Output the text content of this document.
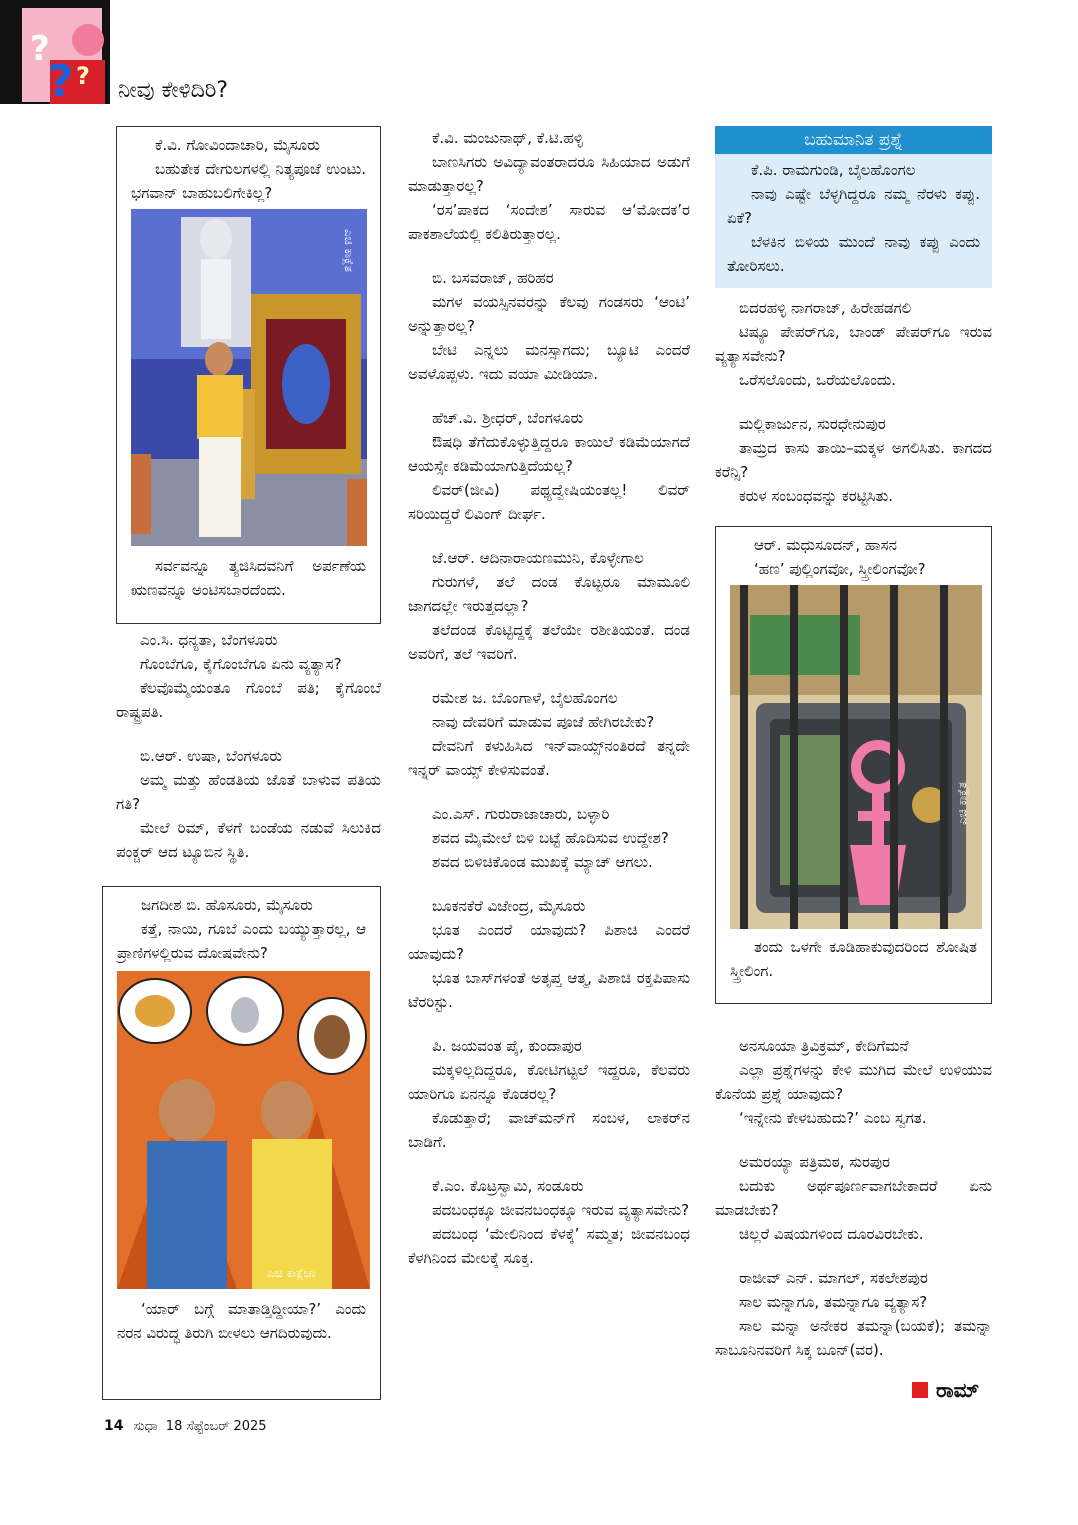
?
? ?
ನೀವು ಕೇಳಿದಿರಿ?

ಕೆ.ವಿ. ಗೋವಿಂದಾಚಾರಿ, ಮೈಸೂರು

ಬಹುತೇಕ ದೇಗುಲಗಳಲ್ಲಿ ನಿತ್ಯಪೂಜೆ ಉಂಟು. ಭಗವಾನ್ ಬಾಹುಬಲಿಗೇಕಿಲ್ಲ?

ಎಚಿ ಕಾಕ್ಲೆತ

ಸರ್ವವನ್ನೂ ತ್ಯಜಿಸಿದವನಿಗೆ ಅರ್ಪಣೆಯ ಋಣವನ್ನೂ ಅಂಟಿಸಬಾರದೆಂದು.

ಎಂ.ಸಿ. ಧನ್ಯತಾ, ಬೆಂಗಳೂರು

ಗೊಂಬೆಗೂ, ಕೈಗೊಂಬೆಗೂ ಏನು ವ್ಯತ್ಯಾಸ?

ಕೆಲವೊಮ್ಮೆಯಂತೂ ಗೊಂಬೆ ಪತಿ; ಕೈಗೊಂಬೆ ರಾಷ್ಟ್ರಪತಿ.

ಬಿ.ಆರ್. ಉಷಾ, ಬೆಂಗಳೂರು

ಅಮ್ಮ ಮತ್ತು ಹೆಂಡತಿಯ ಜೊತೆ ಬಾಳುವ ಪತಿಯ ಗತಿ?

ಮೇಲೆ ರಿಮ್, ಕೆಳಗೆ ಬಂಡೆಯ ನಡುವೆ ಸಿಲುಕಿದ ಪಂಕ್ಚರ್ ಆದ ಟ್ಯೂಬಿನ ಸ್ಥಿತಿ.

ಜಗದೀಶ ಬಿ. ಹೊಸೂರು, ಮೈಸೂರು

ಕತ್ತೆ, ನಾಯಿ, ಗೂಬೆ ಎಂದು ಬಯ್ಯುತ್ತಾರಲ್ಲ, ಆ ಪ್ರಾಣಿಗಳಲ್ಲಿರುವ ದೋಷವೇನು?

ಎಚಿ ಕಾಕ್ಲೆಚಾ

‘ಯಾರ್ ಬಗ್ಗೆ ಮಾತಾಡ್ತಿದ್ದೀಯಾ?’ ಎಂದು ನರನ ವಿರುದ್ಧ ತಿರುಗಿ ಬೀಳಲು ಆಗದಿರುವುದು.

ಕೆ.ವಿ. ಮಂಜುನಾಥ್, ಕೆ.ಟಿ.ಹಳ್ಳಿ

ಬಾಣಸಿಗರು ಅವಿದ್ಯಾವಂತರಾದರೂ ಸಿಹಿಯಾದ ಅಡುಗೆ ಮಾಡುತ್ತಾರಲ್ಲ?

‘ರಸ’ಪಾಕದ ‘ಸಂದೇಶ’ ಸಾರುವ ಆ‘ಮೋದಕ’ರ ಪಾಕಶಾಲೆಯಲ್ಲಿ ಕಲಿತಿರುತ್ತಾರಲ್ಲ.

ಬಿ. ಬಸವರಾಜ್, ಹರಿಹರ

ಮಗಳ ವಯಸ್ಸಿನವರನ್ನು ಕೆಲವು ಗಂಡಸರು ‘ಆಂಟಿ’ ಅನ್ನುತ್ತಾರಲ್ಲ?

ಬೇಟಿ ಎನ್ನಲು ಮನಸ್ಸಾಗದು; ಬ್ಯೂಟಿ ಎಂದರೆ ಅವಳೊಪ್ಪಳು. ಇದು ವಯಾ ಮೀಡಿಯಾ.

ಹೆಚ್.ವಿ. ಶ್ರೀಧರ್, ಬೆಂಗಳೂರು

ಔಷಧಿ ತೆಗೆದುಕೊಳ್ಳುತ್ತಿದ್ದರೂ ಕಾಯಿಲೆ ಕಡಿಮೆಯಾಗದೆ ಆಯಸ್ಸೇ ಕಡಿಮೆಯಾಗುತ್ತಿದೆಯಲ್ಲ?

ಲಿವರ್(ಜೀವಿ) ಪಥ್ಯದ್ವೇಷಿಯಂತಲ್ಲ! ಲಿವರ್ ಸರಿಯಿದ್ದರೆ ಲಿವಿಂಗ್ ದೀರ್ಘ.

ಜೆ.ಆರ್. ಆದಿನಾರಾಯಣಮುನಿ, ಕೊಳ್ಳೇಗಾಲ

ಗುರುಗಳೆ, ತಲೆ ದಂಡ ಕೊಟ್ಟರೂ ಮಾಮೂಲಿ ಜಾಗದಲ್ಲೇ ಇರುತ್ತದಲ್ಲಾ?

ತಲೆದಂಡ ಕೊಟ್ಟಿದ್ದಕ್ಕೆ ತಲೆಯೇ ರಶೀತಿಯಂತೆ. ದಂಡ ಅವರಿಗೆ, ತಲೆ ಇವರಿಗೆ.

ರಮೇಶ ಜ. ಬೊಂಗಾಳೆ, ಬೈಲಹೊಂಗಲ

ನಾವು ದೇವರಿಗೆ ಮಾಡುವ ಪೂಜೆ ಹೇಗಿರಬೇಕು?

ದೇವನಿಗೆ ಕಳುಹಿಸಿದ ಇನ್‌ವಾಯ್ಸ್‌ನಂತಿರದೆ ತನ್ನದೇ ಇನ್ನರ್ ವಾಯ್ಸ್ ಕೇಳಿಸುವಂತೆ.

ಎಂ.ಎಸ್. ಗುರುರಾಜಾಚಾರು, ಬಳ್ಳಾರಿ

ಶವದ ಮೈಮೇಲೆ ಬಿಳಿ ಬಟ್ಟೆ ಹೊದಿಸುವ ಉದ್ದೇಶ?

ಶವದ ಬಿಳಿಚಿಕೊಂಡ ಮುಖಕ್ಕೆ ಮ್ಯಾಚ್ ಆಗಲು.

ಬೂಕನಕೆರೆ ವಿಜೇಂದ್ರ, ಮೈಸೂರು

ಭೂತ ಎಂದರೆ ಯಾವುದು? ಪಿಶಾಚಿ ಎಂದರೆ ಯಾವುದು?

ಭೂತ ಬಾಸ್‌ಗಳಂತೆ ಅತೃಪ್ತ ಆತ್ಮ, ಪಿಶಾಚಿ ರಕ್ತಪಿಪಾಸು ಟೆರರಿಸ್ಟು.

ಪಿ. ಜಯವಂತ ಪೈ, ಕುಂದಾಪುರ

ಮಕ್ಕಳಿಲ್ಲದಿದ್ದರೂ, ಕೋಟಿಗಟ್ಟಲೆ ಇದ್ದರೂ, ಕೆಲವರು ಯಾರಿಗೂ ಏನನ್ನೂ ಕೊಡರಲ್ಲ?

ಕೊಡುತ್ತಾರೆ; ವಾಚ್‌ಮನ್‌ಗೆ ಸಂಬಳ, ಲಾಕರ್‌ನ ಬಾಡಿಗೆ.

ಕೆ.ಎಂ. ಕೊಟ್ರಸ್ವಾಮಿ, ಸಂಡೂರು

ಪದಬಂಧಕ್ಕೂ ಜೀವನಬಂಧಕ್ಕೂ ಇರುವ ವ್ಯತ್ಯಾಸವೇನು?

ಪದಬಂಧ ‘ಮೇಲಿನಿಂದ ಕೆಳಕ್ಕೆ’ ಸಮ್ಮತ; ಜೀವನಬಂಧ ಕೆಳಗಿನಿಂದ ಮೇಲಕ್ಕೆ ಸೂಕ್ತ.

ಬಹುಮಾನಿತ ಪ್ರಶ್ನೆ

ಕೆ.ಪಿ. ರಾಮಗುಂಡಿ, ಬೈಲಹೊಂಗಲ

ನಾವು ಎಷ್ಟೇ ಬೆಳ್ಳಗಿದ್ದರೂ ನಮ್ಮ ನೆರಳು ಕಪ್ಪು. ಏಕೆ?

ಬೆಳಕಿನ ಬಿಳಿಯ ಮುಂದೆ ನಾವು ಕಪ್ಪು ಎಂದು ತೋರಿಸಲು.

ಬಿದರಹಳ್ಳಿ ನಾಗರಾಜ್, ಹಿರೇಹಡಗಲಿ

ಟಿಷ್ಯೂ ಪೇಪರ್‌ಗೂ, ಬಾಂಡ್ ಪೇಪರ್‌ಗೂ ಇರುವ ವ್ಯತ್ಯಾಸವೇನು?

ಒರೆಸಲೊಂದು, ಒರೆಯಲೊಂದು.

ಮಲ್ಲಿಕಾರ್ಜುನ, ಸುರಧೇನುಪುರ

ತಾಮ್ರದ ಕಾಸು ತಾಯಿ–ಮಕ್ಕಳ ಅಗಲಿಸಿತು. ಕಾಗದದ ಕರೆನ್ಸಿ?

ಕರುಳ ಸಂಬಂಧವನ್ನು ಕರಟ್ಟಿಸಿತು.

ಆರ್. ಮಧುಸೂದನ್, ಹಾಸನ

‘ಹಣ’ ಪುಲ್ಲಿಂಗವೋ, ಸ್ತ್ರೀಲಿಂಗವೋ?

ಎಚಿ ಕಾಕ್ಲೆತ

ತಂದು ಒಳಗೇ ಕೂಡಿಹಾಕುವುದರಿಂದ ಶೋಷಿತ ಸ್ತ್ರೀಲಿಂಗ.

ಅನಸೂಯಾ ತ್ರಿವಿಕ್ರಮ್, ಕೇದಿಗೆಮನೆ

ಎಲ್ಲಾ ಪ್ರಶ್ನೆಗಳನ್ನು ಕೇಳಿ ಮುಗಿದ ಮೇಲೆ ಉಳಿಯುವ ಕೊನೆಯ ಪ್ರಶ್ನೆ ಯಾವುದು?

‘ಇನ್ನೇನು ಕೇಳಬಹುದು?’ ಎಂಬ ಸ್ವಗತ.

ಅಮರಯ್ಯಾ ಪತ್ರಿಮಠ, ಸುರಪುರ

ಬದುಕು ಅರ್ಥಪೂರ್ಣವಾಗಬೇಕಾದರೆ ಏನು ಮಾಡಬೇಕು?

ಚಿಲ್ಲರೆ ವಿಷಯಗಳಿಂದ ದೂರವಿರಬೇಕು.

ರಾಜೀವ್ ಎನ್. ಮಾಗಲ್, ಸಕಲೇಶಪುರ

ಸಾಲ ಮನ್ನಾಗೂ, ತಮನ್ನಾಗೂ ವ್ಯತ್ಯಾಸ?

ಸಾಲ ಮನ್ನಾ ಅನೇಕರ ತಮನ್ನಾ(ಬಯಕೆ); ತಮನ್ನಾ ಸಾಬೂನಿನವರಿಗೆ ಸಿಕ್ಕ ಬೂನ್(ವರ).

ರಾಮ್
14 ಸುಧಾ 18 ಸೆಪ್ಟೆಂಬರ್ 2025
